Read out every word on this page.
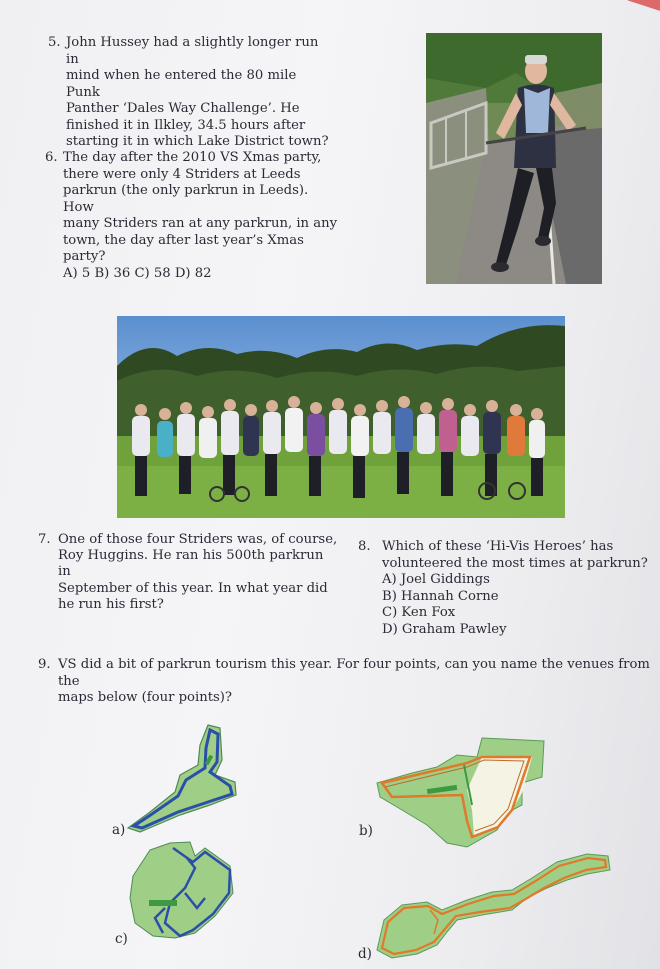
5. John Hussey had a slightly longer run in
mind when he entered the 80 mile Punk
Panther ‘Dales Way Challenge’. He
finished it in Ilkley, 34.5 hours after
starting it in which Lake District town?
6. The day after the 2010 VS Xmas party,
there were only 4 Striders at Leeds
parkrun (the only parkrun in Leeds). How
many Striders ran at any parkrun, in any
town, the day after last year’s Xmas
party?
A) 5 B) 36 C) 58 D) 82
7. One of those four Striders was, of course,
Roy Huggins. He ran his 500th parkrun in
September of this year. In what year did
he run his first?
8. Which of these ‘Hi-Vis Heroes’ has
volunteered the most times at parkrun?
A) Joel Giddings
B) Hannah Corne
C) Ken Fox
D) Graham Pawley
9. VS did a bit of parkrun tourism this year. For four points, can you name the venues from the
maps below (four points)?
a)	b)
c)
d)
